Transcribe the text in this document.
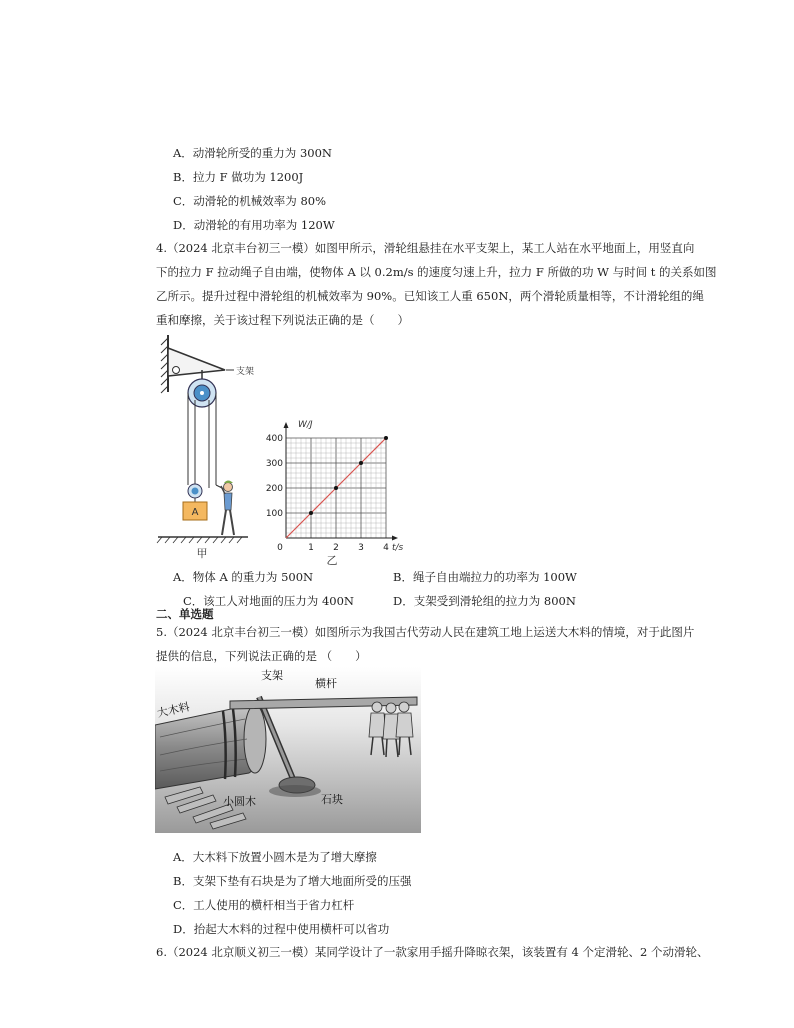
A．动滑轮所受的重力为 300N
B．拉力 F 做功为 1200J
C．动滑轮的机械效率为 80%
D．动滑轮的有用功率为 120W
4.（2024 北京丰台初三一模）如图甲所示，滑轮组悬挂在水平支架上，某工人站在水平地面上，用竖直向
下的拉力 F 拉动绳子自由端，使物体 A 以 0.2m/s 的速度匀速上升，拉力 F 所做的功 W 与时间 t 的关系如图
乙所示。提升过程中滑轮组的机械效率为 90%。已知该工人重 650N，两个滑轮质量相等，不计滑轮组的绳
重和摩擦，关于该过程下列说法正确的是（　　）
支架
A
甲	0	1 2 3 4
100
200
300
400
W/J
t/s
乙
A．物体 A 的重力为 500N	B．绳子自由端拉力的功率为 100W
C．该工人对地面的压力为 400N	D．支架受到滑轮组的拉力为 800N
二、单选题
5.（2024 北京丰台初三一模）如图所示为我国古代劳动人民在建筑工地上运送大木料的情境，对于此图片
提供的信息，下列说法正确的是 （　　）
支架
横杆
大木料
小圆木	石块
A．大木料下放置小圆木是为了增大摩擦
B．支架下垫有石块是为了增大地面所受的压强
C．工人使用的横杆相当于省力杠杆
D．抬起大木料的过程中使用横杆可以省功
6.（2024 北京顺义初三一模）某同学设计了一款家用手摇升降晾衣架，该装置有 4 个定滑轮、2 个动滑轮、
